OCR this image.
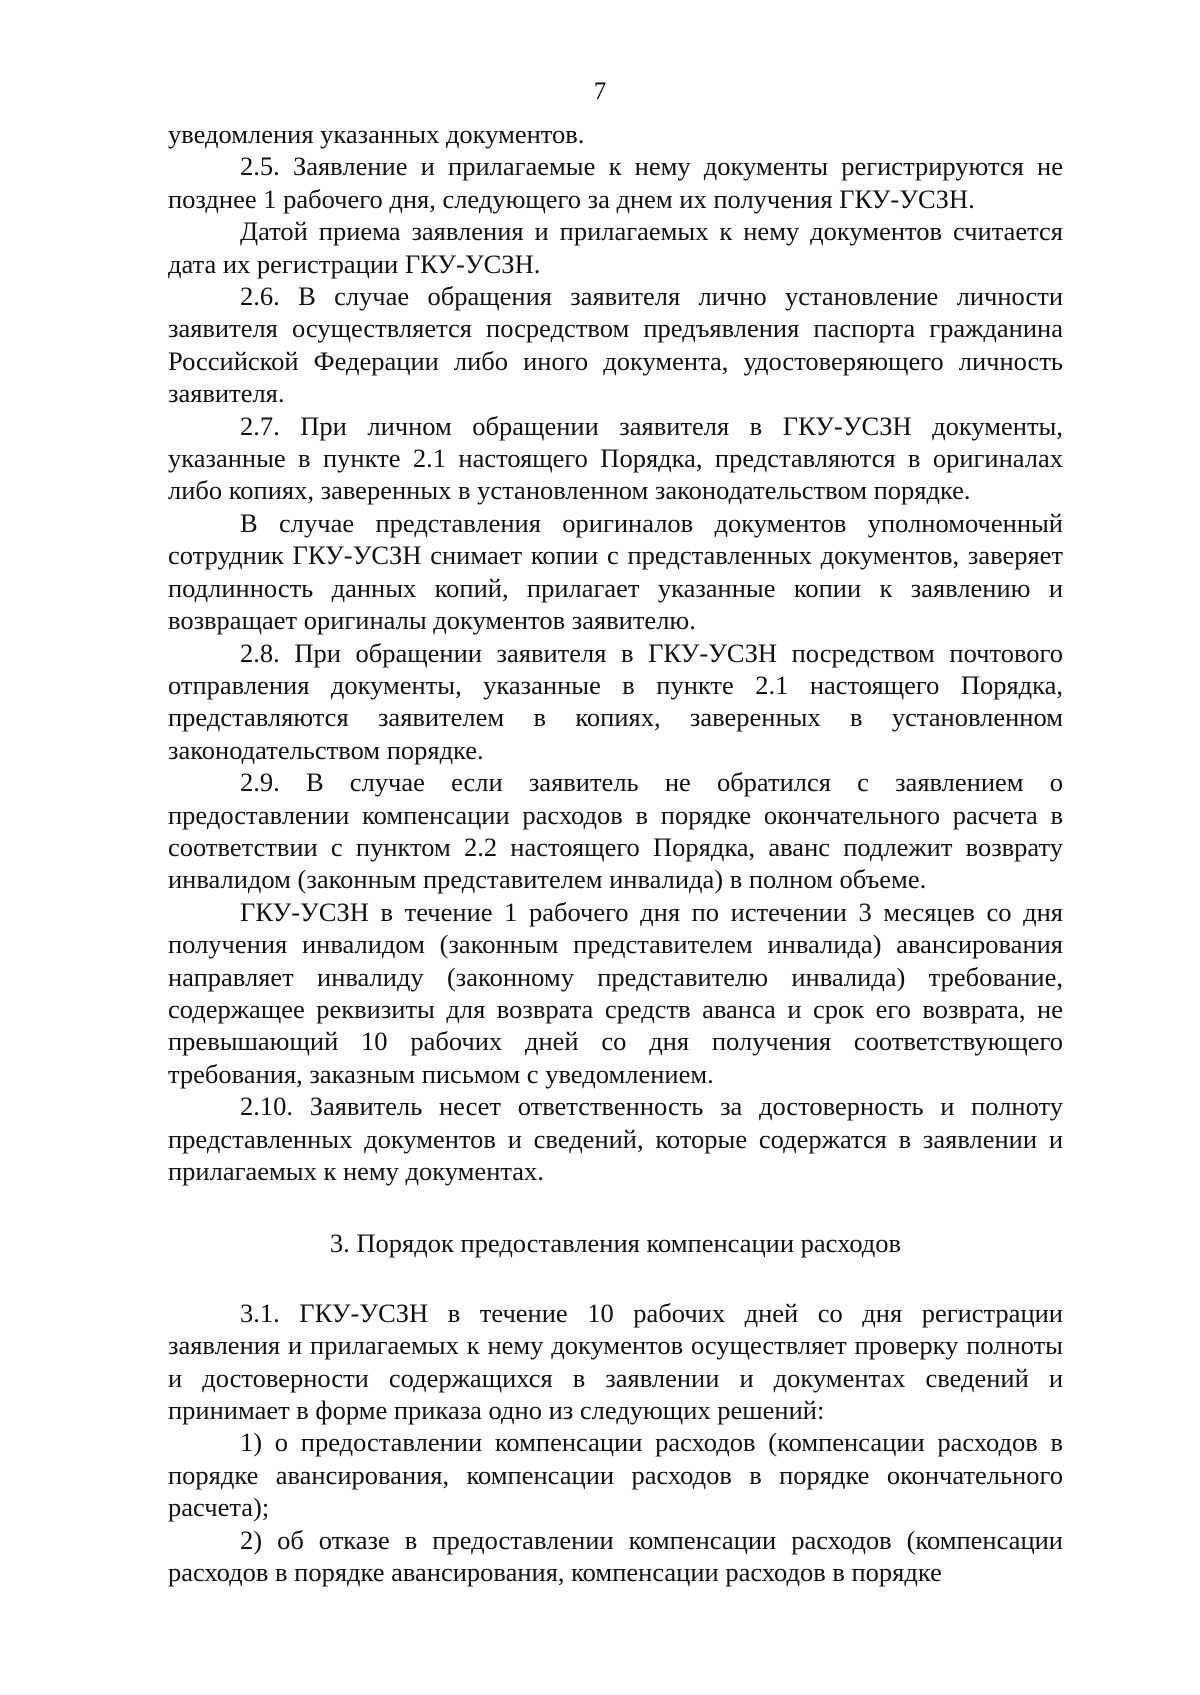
7

уведомления указанных документов.

2.5. Заявление и прилагаемые к нему документы регистрируются не позднее 1 рабочего дня, следующего за днем их получения ГКУ-УСЗН.

Датой приема заявления и прилагаемых к нему документов считается дата их регистрации ГКУ-УСЗН.

2.6. В случае обращения заявителя лично установление личности заявителя осуществляется посредством предъявления паспорта гражданина Российской Федерации либо иного документа, удостоверяющего личность заявителя.

2.7. При личном обращении заявителя в ГКУ-УСЗН документы, указанные в пункте 2.1 настоящего Порядка, представляются в оригиналах либо копиях, заверенных в установленном законодательством порядке.

В случае представления оригиналов документов уполномоченный сотрудник ГКУ-УСЗН снимает копии с представленных документов, заверяет подлинность данных копий, прилагает указанные копии к заявлению и возвращает оригиналы документов заявителю.

2.8. При обращении заявителя в ГКУ-УСЗН посредством почтового отправления документы, указанные в пункте 2.1 настоящего Порядка, представляются заявителем в копиях, заверенных в установленном законодательством порядке.

2.9. В случае если заявитель не обратился с заявлением о предоставлении компенсации расходов в порядке окончательного расчета в соответствии с пунктом 2.2 настоящего Порядка, аванс подлежит возврату инвалидом (законным представителем инвалида) в полном объеме.

ГКУ-УСЗН в течение 1 рабочего дня по истечении 3 месяцев со дня получения инвалидом (законным представителем инвалида) авансирования направляет инвалиду (законному представителю инвалида) требование, содержащее реквизиты для возврата средств аванса и срок его возврата, не превышающий 10 рабочих дней со дня получения соответствующего требования, заказным письмом с уведомлением.

2.10. Заявитель несет ответственность за достоверность и полноту представленных документов и сведений, которые содержатся в заявлении и прилагаемых к нему документах.

3. Порядок предоставления компенсации расходов

3.1. ГКУ-УСЗН в течение 10 рабочих дней со дня регистрации заявления и прилагаемых к нему документов осуществляет проверку полноты и достоверности содержащихся в заявлении и документах сведений и принимает в форме приказа одно из следующих решений:

1) о предоставлении компенсации расходов (компенсации расходов в порядке авансирования, компенсации расходов в порядке окончательного расчета);

2) об отказе в предоставлении компенсации расходов (компенсации расходов в порядке авансирования, компенсации расходов в порядке
